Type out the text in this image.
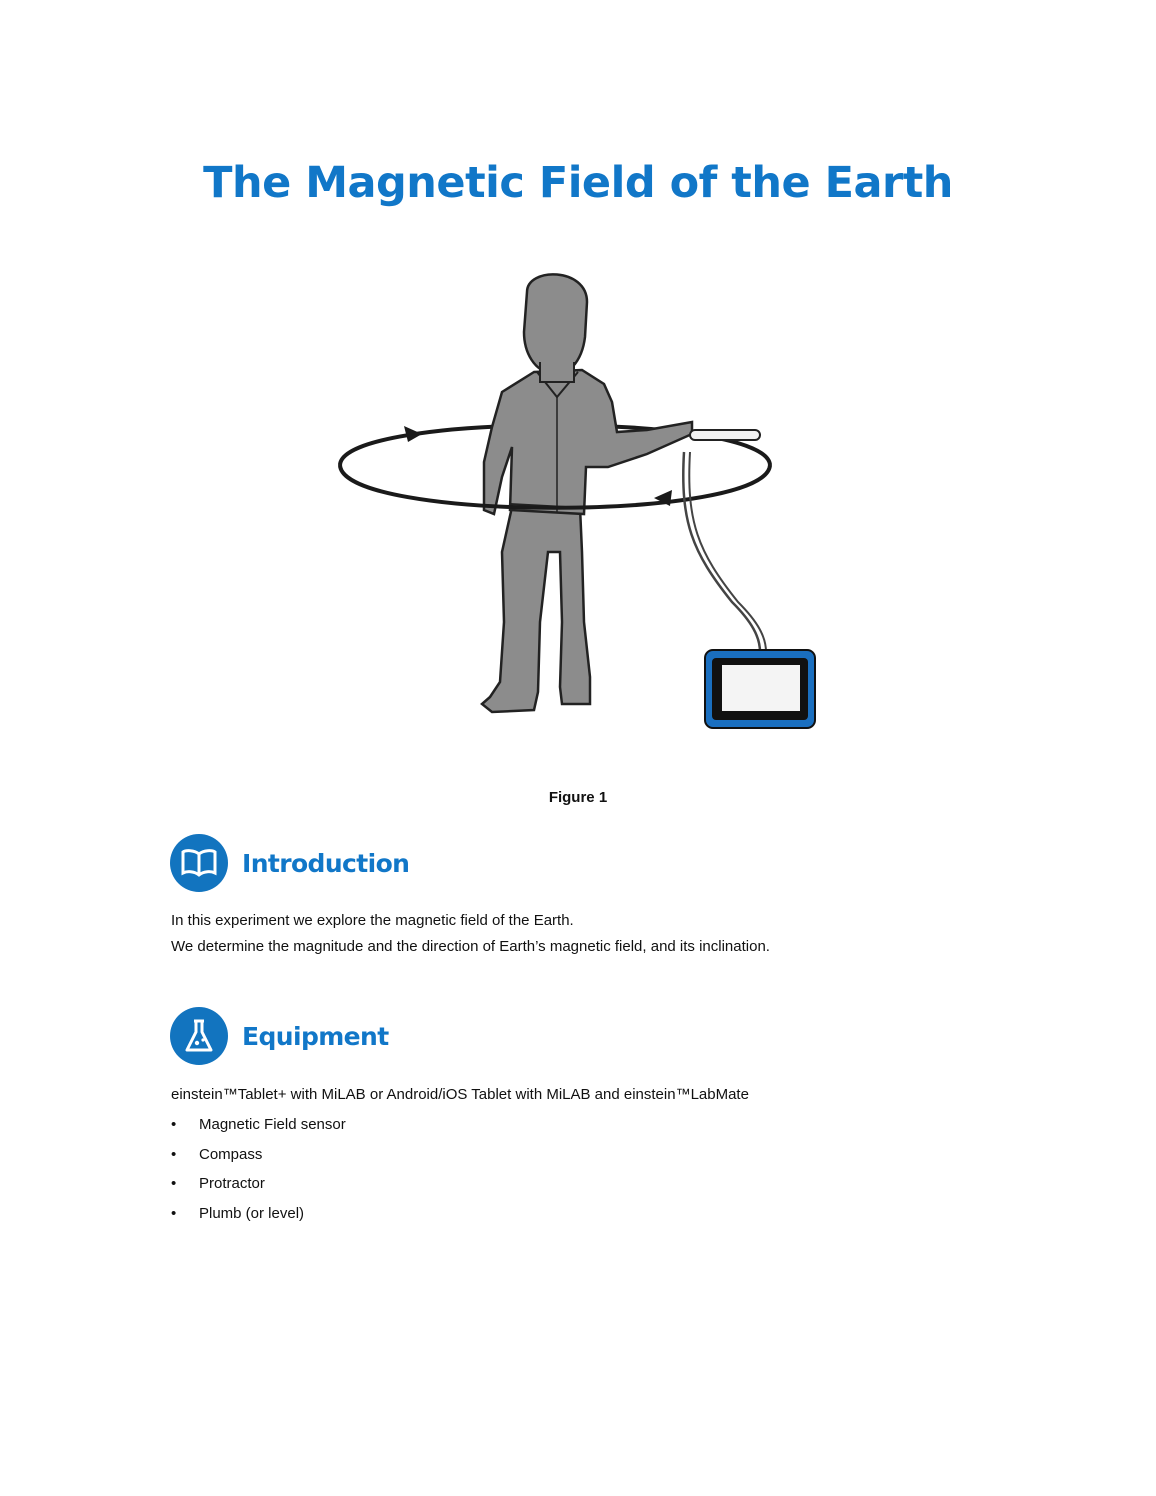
The Magnetic Field of the Earth
Figure 1
Introduction

In this experiment we explore the magnetic field of the Earth.

We determine the magnitude and the direction of Earth’s magnetic field, and its inclination.

Equipment

einstein™Tablet+ with MiLAB or Android/iOS Tablet with MiLAB and einstein™LabMate

•	Magnetic Field sensor
•	Compass
•	Protractor
•	Plumb (or level)
